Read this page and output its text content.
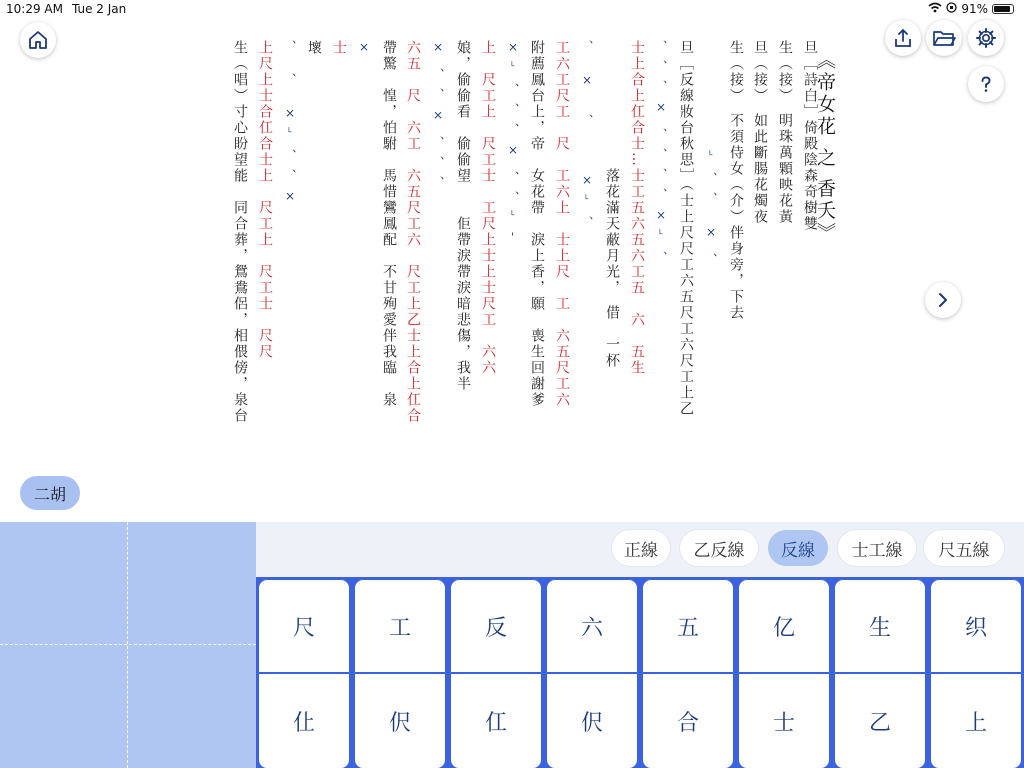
10:29 AM Tue 2 Jan	91%
《帝女花 之 香夭》
旦［詩白］倚殿陰森奇樹雙
生（接）　明珠萬顆映花黃
旦（接）　如此斷腸花燭夜
生（接）　不須侍女（介）伴身旁，下去
　　　　　　　　˪　、　、　　×　、
旦［反線妝台秋思］（士上尺尺工六五尺工六尺工上乙
、　、　、　×　、　、　、　、　×˪　、
士上合上仜合士…士工五六五六工五　六　五生
　　　　　　　　落花滿天蔽月光，　借　一杯
、　　×　　、　　　　×˪　、
工六工尺工　尺　工六上　士上尺　工　六五尺工六
附薦鳳台上，帝　女花帶　淚上香，願　喪生回謝爹
×˪　、　、　、　×　、　、˪　-
上　尺工上　尺工士　工尺上士上士尺工　六六
娘，偷偷看　偷偷望　　佢帶淚帶淚暗悲傷，我半
×　、　、　×　、　、　、
六五　尺　六工　六五尺工六　尺工上乙士上合上仜合
帶驚　惶，怕駙　馬惜鸞鳳配　不甘殉愛伴我臨　泉
×
士
壞
、　　、　　×˪　、　、　×
上尺上士合仜合士上　尺工上　尺工士　尺尺
生（唱）寸心盼望能　同合葬，鴛鴦侶，相偎傍，泉台
二胡
正線	乙反線	反線	士工線	尺五線
尺	工	反	六	五	亿	生	织
仩	伬	仜	伬	合	士	乙	上
